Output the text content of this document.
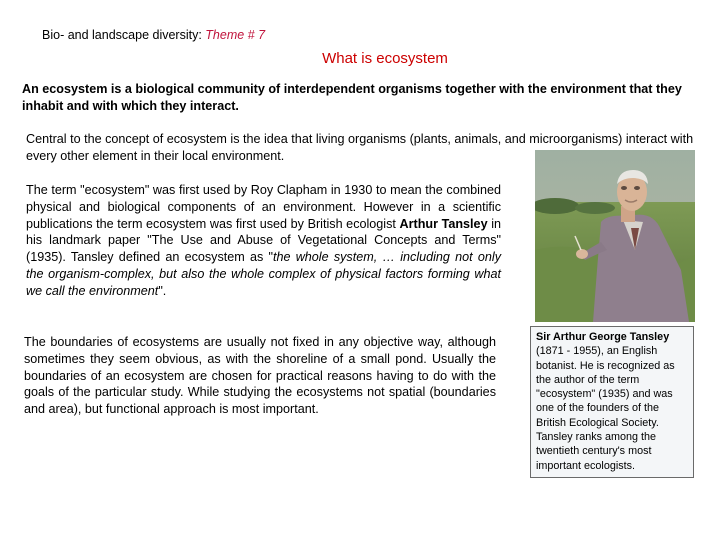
Bio- and landscape diversity: Theme # 7
What is ecosystem
An ecosystem is a biological community of interdependent organisms together with the environment that they inhabit and with which they interact.
Central to the concept of ecosystem is the idea that living organisms (plants, animals, and microorganisms) interact with every other element in their local environment.
The term "ecosystem" was first used by Roy Clapham in 1930 to mean the combined physical and biological components of an environment. However in a scientific publications the term ecosystem was first used by British ecologist Arthur Tansley in his landmark paper "The Use and Abuse of Vegetational Concepts and Terms" (1935). Tansley defined an ecosystem as "the whole system, … including not only the organism-complex, but also the whole complex of physical factors forming what we call the environment".
The boundaries of ecosystems are usually not fixed in any objective way, although sometimes they seem obvious, as with the shoreline of a small pond. Usually the boundaries of an ecosystem are chosen for practical reasons having to do with the goals of the particular study. While studying the ecosystems not spatial (boundaries and area), but functional approach is most important.
Sir Arthur George Tansley (1871 - 1955), an English botanist. He is recognized as the author of the term "ecosystem" (1935) and was one of the founders of the British Ecological Society. Tansley ranks among the twentieth century's most important ecologists.
